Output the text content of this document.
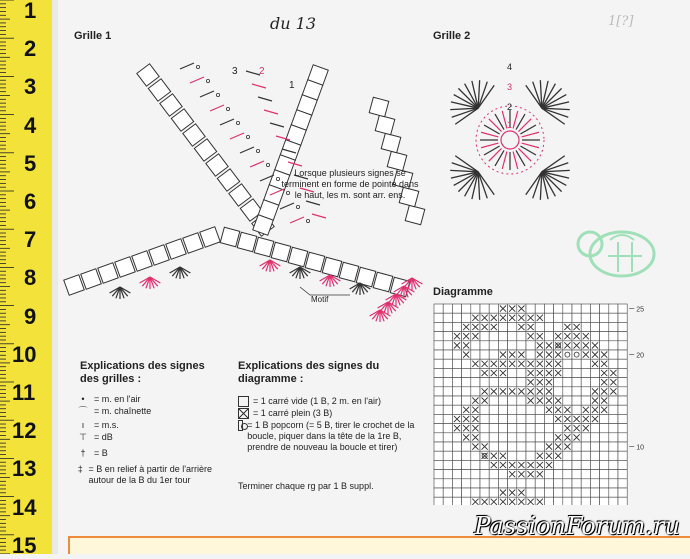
1
2
3
4
5
6
7
8
9
10
11
12
13
14
15
Grille 1
du 13
Grille 2
1[?]
Motif
3 2
1
Lorsque plusieurs signes se terminent en forme de pointe dans le haut, les m. sont arr. ens.
4
3
2
1
Explications des signes des grilles :
•	= m. en l'air
⌒ = m. chaînette
ı	= m.s.
⊤ = dB
† = B
‡ = B en relief à partir de l'arrière autour de la B du 1er tour
Explications des signes du diagramme :
= 1 carré vide (1 B, 2 m. en l'air)
= 1 carré plein (3 B)
= 1 B popcorn (= 5 B, tirer le crochet de la boucle, piquer dans la tête de la 1re B, prendre de nouveau la boucle et tirer)
Terminer chaque rg par 1 B suppl.
Diagramme
25
20
10
PassionForum.ru
